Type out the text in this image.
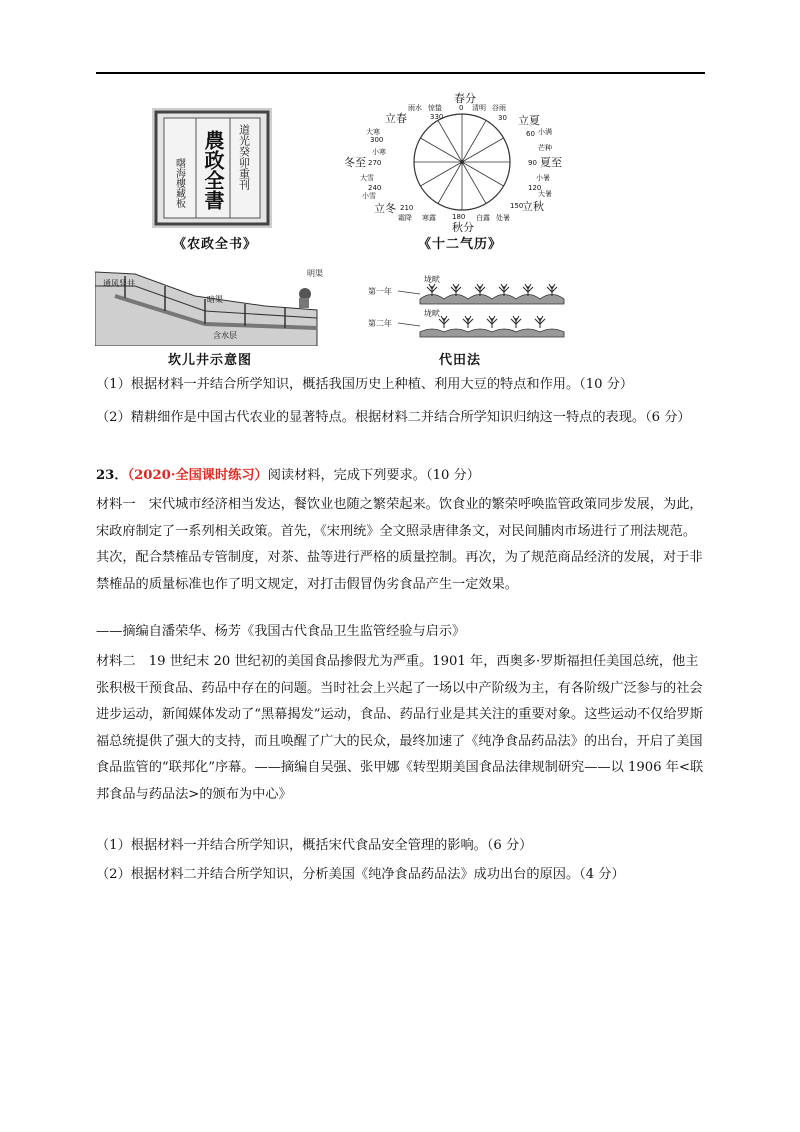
農政全書 道光癸卯重刊
曙海樓藏板
《农政全书》
春分
惊蛰
雨水	0 清明 谷雨
330	30
立春	立夏
大寒
300
60 小满
小寒	芒种
冬至 270	90 夏至
大雪	小暑
240
小雪
120
大暑
立冬 210	150
立秋
霜降 寒露 180 白露 处暑
秋分
《十二气历》
通风竖井
暗渠
含水层
明渠
坎儿井示意图
第一年
第二年
垅畎
垅畎
代田法
（1）根据材料一并结合所学知识，概括我国历史上种植、利用大豆的特点和作用。（10 分）
（2）精耕细作是中国古代农业的显著特点。根据材料二并结合所学知识归纳这一特点的表现。（6 分）
23．（2020·全国课时练习）阅读材料，完成下列要求。（10 分）
材料一　宋代城市经济相当发达，餐饮业也随之繁荣起来。饮食业的繁荣呼唤监管政策同步发展，为此，宋政府制定了一系列相关政策。首先，《宋刑统》全文照录唐律条文，对民间脯肉市场进行了刑法规范。其次，配合禁榷品专管制度，对茶、盐等进行严格的质量控制。再次，为了规范商品经济的发展，对于非禁榷品的质量标准也作了明文规定，对打击假冒伪劣食品产生一定效果。
——摘编自潘荣华、杨芳《我国古代食品卫生监管经验与启示》
材料二　19 世纪末 20 世纪初的美国食品掺假尤为严重。1901 年，西奥多·罗斯福担任美国总统，他主张积极干预食品、药品中存在的问题。当时社会上兴起了一场以中产阶级为主，有各阶级广泛参与的社会进步运动，新闻媒体发动了“黑幕揭发”运动，食品、药品行业是其关注的重要对象。这些运动不仅给罗斯福总统提供了强大的支持，而且唤醒了广大的民众，最终加速了《纯净食品药品法》的出台，开启了美国食品监管的“联邦化”序幕。——摘编自吴强、张甲娜《转型期美国食品法律规制研究——以 1906 年<联邦食品与药品法>的颁布为中心》
（1）根据材料一并结合所学知识，概括宋代食品安全管理的影响。（6 分）
（2）根据材料二并结合所学知识，分析美国《纯净食品药品法》成功出台的原因。（4 分）
